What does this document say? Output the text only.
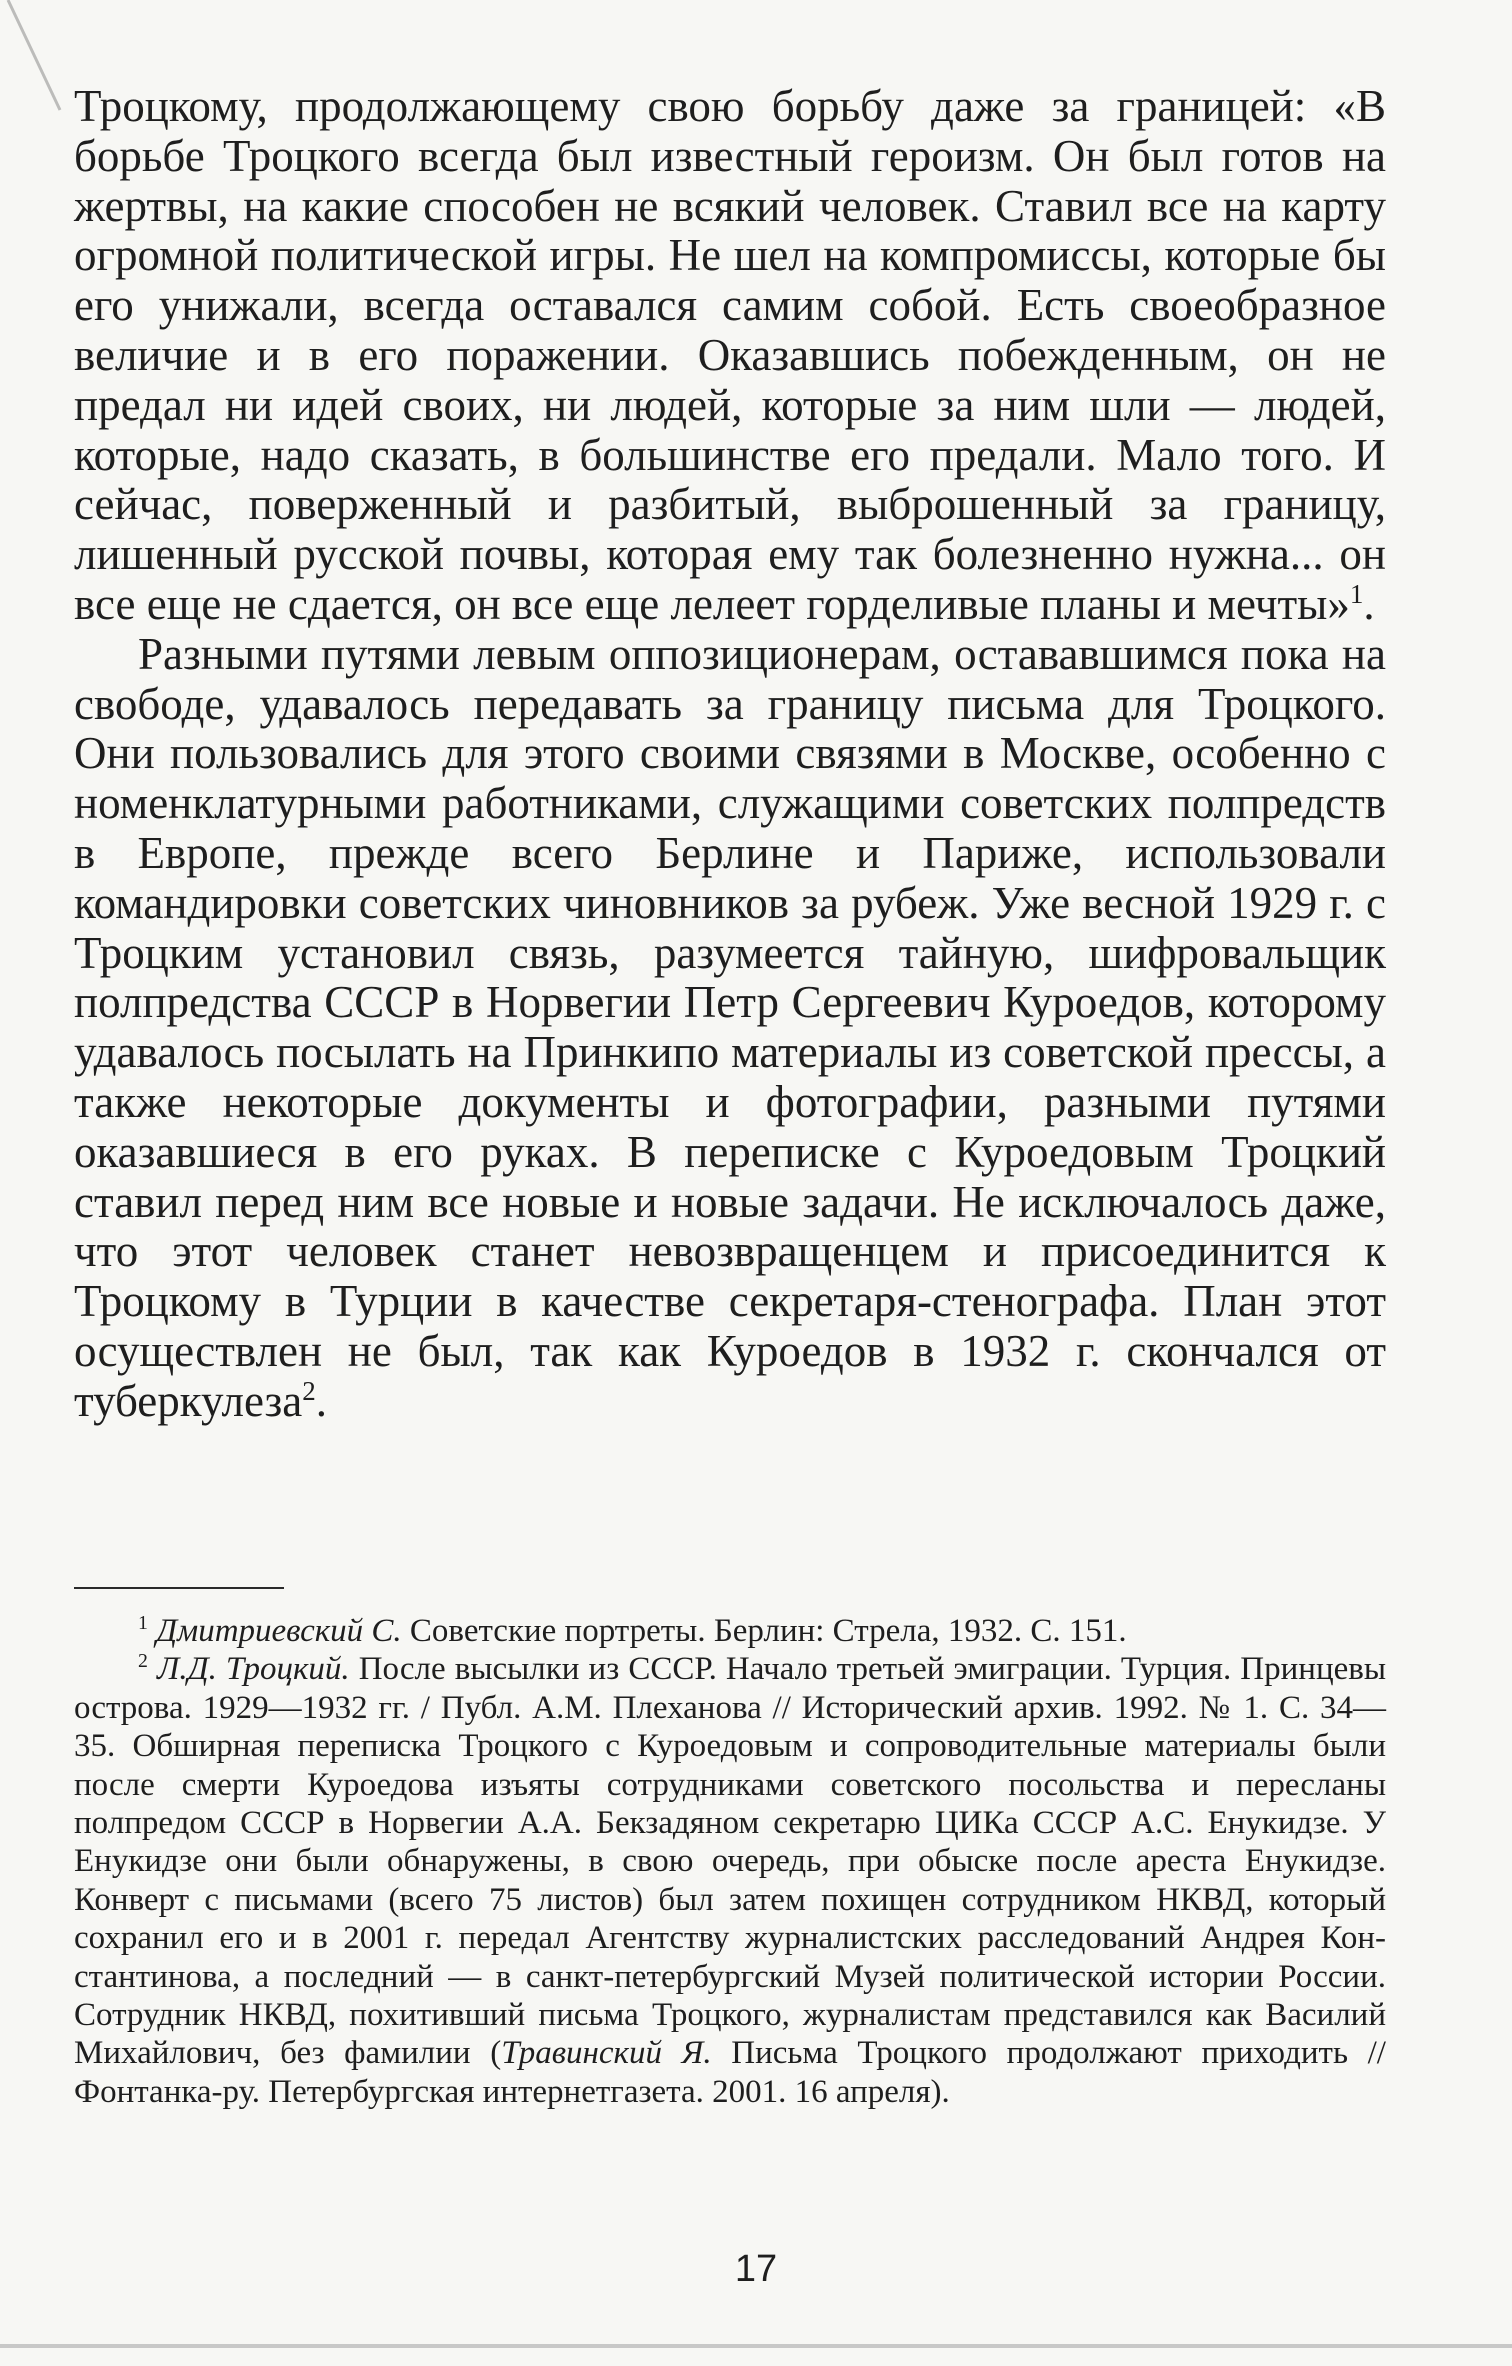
Троцкому, продолжающему свою борьбу даже за границей: «В борьбе Троцкого всегда был известный героизм. Он был готов на жертвы, на какие способен не всякий человек. Ставил все на карту огромной политической игры. Не шел на компромиссы, которые бы его унижали, всегда оставался самим собой. Есть своеобразное величие и в его поражении. Оказавшись побежденным, он не предал ни идей своих, ни людей, которые за ним шли — людей, которые, надо сказать, в большинстве его предали. Мало того. И сейчас, поверженный и разбитый, выброшенный за границу, лишенный русской почвы, которая ему так болезненно нужна... он все еще не сдается, он все еще лелеет горделивые планы и мечты»$^1$.

Разными путями левым оппозиционерам, остававшимся пока на свободе, удавалось передавать за границу письма для Троцкого. Они пользовались для этого своими связями в Москве, особенно с номенклатурными работниками, служащими советских полпредств в Европе, прежде всего Берлине и Париже, использовали командировки советских чиновников за рубеж. Уже весной 1929 г. с Троцким установил связь, разумеется тайную, шифровальщик полпредства СССР в Норвегии Петр Сергеевич Куроедов, которому удавалось посылать на Принкипо материалы из советской прессы, а также некоторые документы и фотографии, разными путями оказавшиеся в его руках. В переписке с Куроедовым Троцкий ставил перед ним все новые и новые задачи. Не исключалось даже, что этот человек станет невозвращенцем и присоединится к Троцкому в Турции в качестве секретаря-стенографа. План этот осуществлен не был, так как Куроедов в 1932 г. скончался от туберкулеза$^2$.

$^1$ Дмитриевский С. Советские портреты. Берлин: Стрела, 1932. С. 151.

$^2$ Л.Д. Троцкий. После высылки из СССР. Начало третьей эмиграции. Турция. Принцевы острова. 1929—1932 гг. / Публ. А.М. Плеханова // Исторический архив. 1992. № 1. С. 34—35. Обширная переписка Троцкого с Куроедовым и сопроводительные материалы были после смерти Куроедова изъяты сотрудниками советского посольства и пересланы полпредом СССР в Норвегии А.А. Бекзадяном секретарю ЦИКа СССР А.С. Енукидзе. У Енукидзе они были обнаружены, в свою очередь, при обыске после ареста Енукидзе. Конверт с письмами (всего 75 листов) был затем похищен сотрудником НКВД, который сохранил его и в 2001 г. передал Агентству журналистских расследований Андрея Константинова, а последний — в санкт-петербургский Музей политической истории России. Сотрудник НКВД, похитивший письма Троцкого, журналистам представился как Василий Михайлович, без фамилии (Травинский Я. Письма Троцкого продолжают приходить // Фонтанка-ру. Петербургская интернетгазета. 2001. 16 апреля).

17
